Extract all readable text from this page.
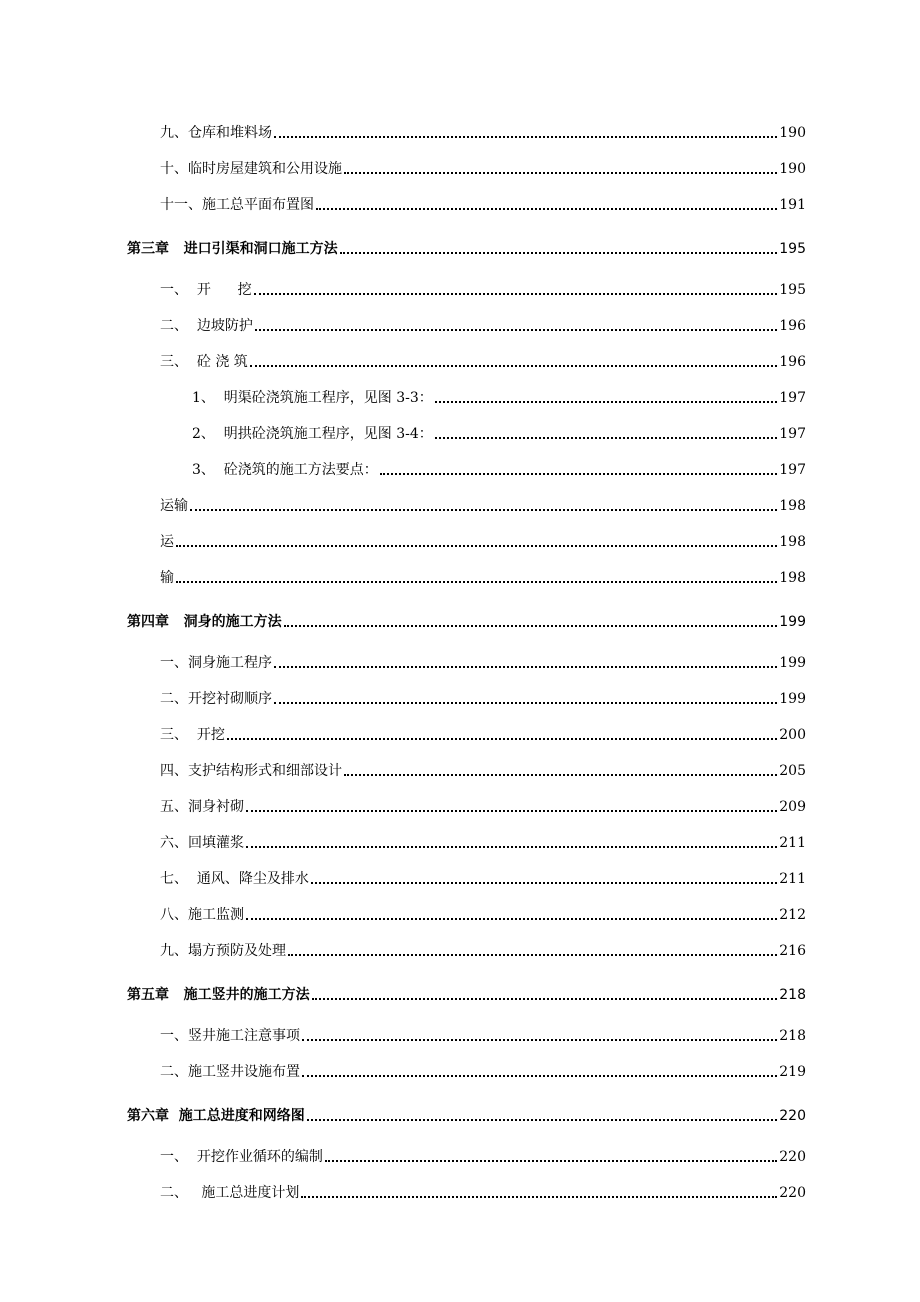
九、仓库和堆料场	190
十、临时房屋建筑和公用设施	190
十一、施工总平面布置图	191
第三章   进口引渠和洞口施工方法	195
一、  开      挖	195
二、  边坡防护	196
三、  砼 浇 筑	196
1、  明渠砼浇筑施工程序，见图 3-3：	197
2、  明拱砼浇筑施工程序，见图 3-4：	197
3、  砼浇筑的施工方法要点：	197
运输	198
运	198
输	198
第四章   洞身的施工方法	199
一、洞身施工程序	199
二、开挖衬砌顺序	199
三、  开挖	200
四、支护结构形式和细部设计	205
五、洞身衬砌	209
六、回填灌浆	211
七、  通风、降尘及排水	211
八、施工监测	212
九、塌方预防及处理	216
第五章   施工竖井的施工方法	218
一、竖井施工注意事项	218
二、施工竖井设施布置	219
第六章  施工总进度和网络图	220
一、  开挖作业循环的编制	220
二、   施工总进度计划	220
